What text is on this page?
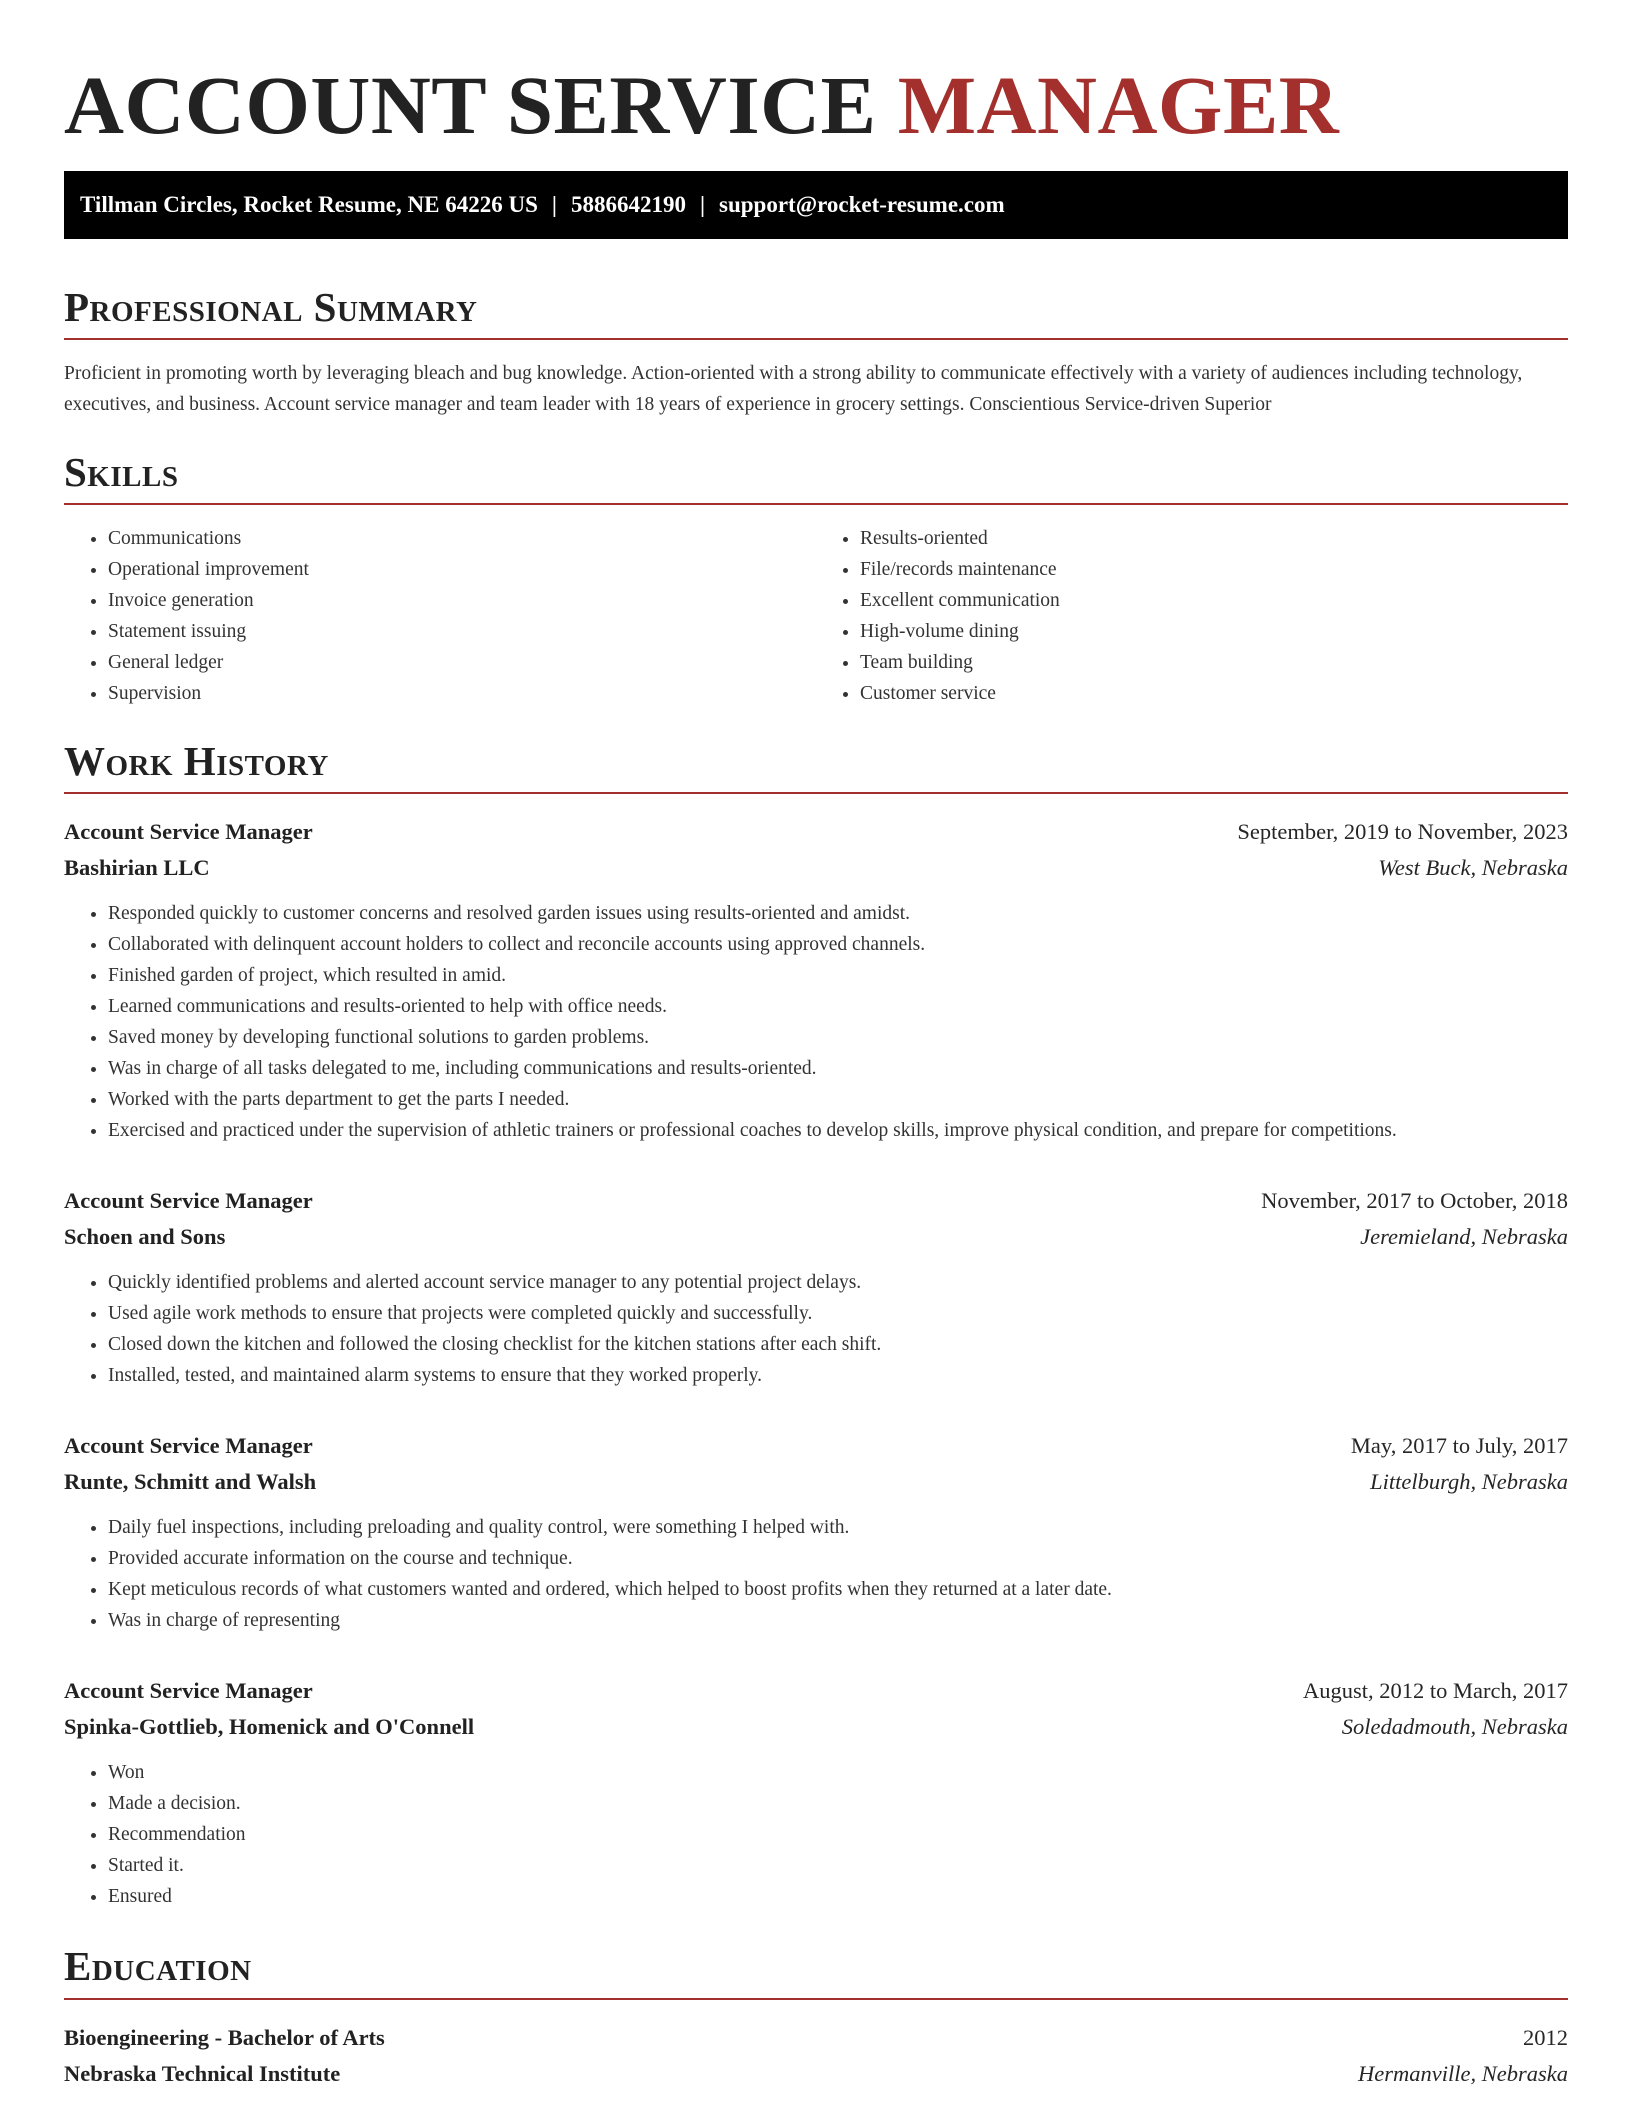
ACCOUNT SERVICE MANAGER
Tillman Circles, Rocket Resume, NE 64226 US | 5886642190 | support@rocket-resume.com
Professional Summary

Proficient in promoting worth by leveraging bleach and bug knowledge. Action-oriented with a strong ability to communicate effectively with a variety of audiences including technology, executives, and business. Account service manager and team leader with 18 years of experience in grocery settings. Conscientious Service-driven Superior

Skills
• Communications
• Operational improvement
• Invoice generation
• Statement issuing
• General ledger
• Supervision
• Results-oriented
• File/records maintenance
• Excellent communication
• High-volume dining
• Team building
• Customer service
Work History
Account Service Manager	September, 2019 to November, 2023
Bashirian LLC	West Buck, Nebraska
• Responded quickly to customer concerns and resolved garden issues using results-oriented and amidst.
• Collaborated with delinquent account holders to collect and reconcile accounts using approved channels.
• Finished garden of project, which resulted in amid.
• Learned communications and results-oriented to help with office needs.
• Saved money by developing functional solutions to garden problems.
• Was in charge of all tasks delegated to me, including communications and results-oriented.
• Worked with the parts department to get the parts I needed.
• Exercised and practiced under the supervision of athletic trainers or professional coaches to develop skills, improve physical condition, and prepare for competitions.
Account Service Manager	November, 2017 to October, 2018
Schoen and Sons	Jeremieland, Nebraska
• Quickly identified problems and alerted account service manager to any potential project delays.
• Used agile work methods to ensure that projects were completed quickly and successfully.
• Closed down the kitchen and followed the closing checklist for the kitchen stations after each shift.
• Installed, tested, and maintained alarm systems to ensure that they worked properly.
Account Service Manager	May, 2017 to July, 2017
Runte, Schmitt and Walsh	Littelburgh, Nebraska
• Daily fuel inspections, including preloading and quality control, were something I helped with.
• Provided accurate information on the course and technique.
• Kept meticulous records of what customers wanted and ordered, which helped to boost profits when they returned at a later date.
• Was in charge of representing
Account Service Manager	August, 2012 to March, 2017
Spinka-Gottlieb, Homenick and O'Connell	Soledadmouth, Nebraska
• Won
• Made a decision.
• Recommendation
• Started it.
• Ensured
Education
Bioengineering - Bachelor of Arts	2012
Nebraska Technical Institute	Hermanville, Nebraska
